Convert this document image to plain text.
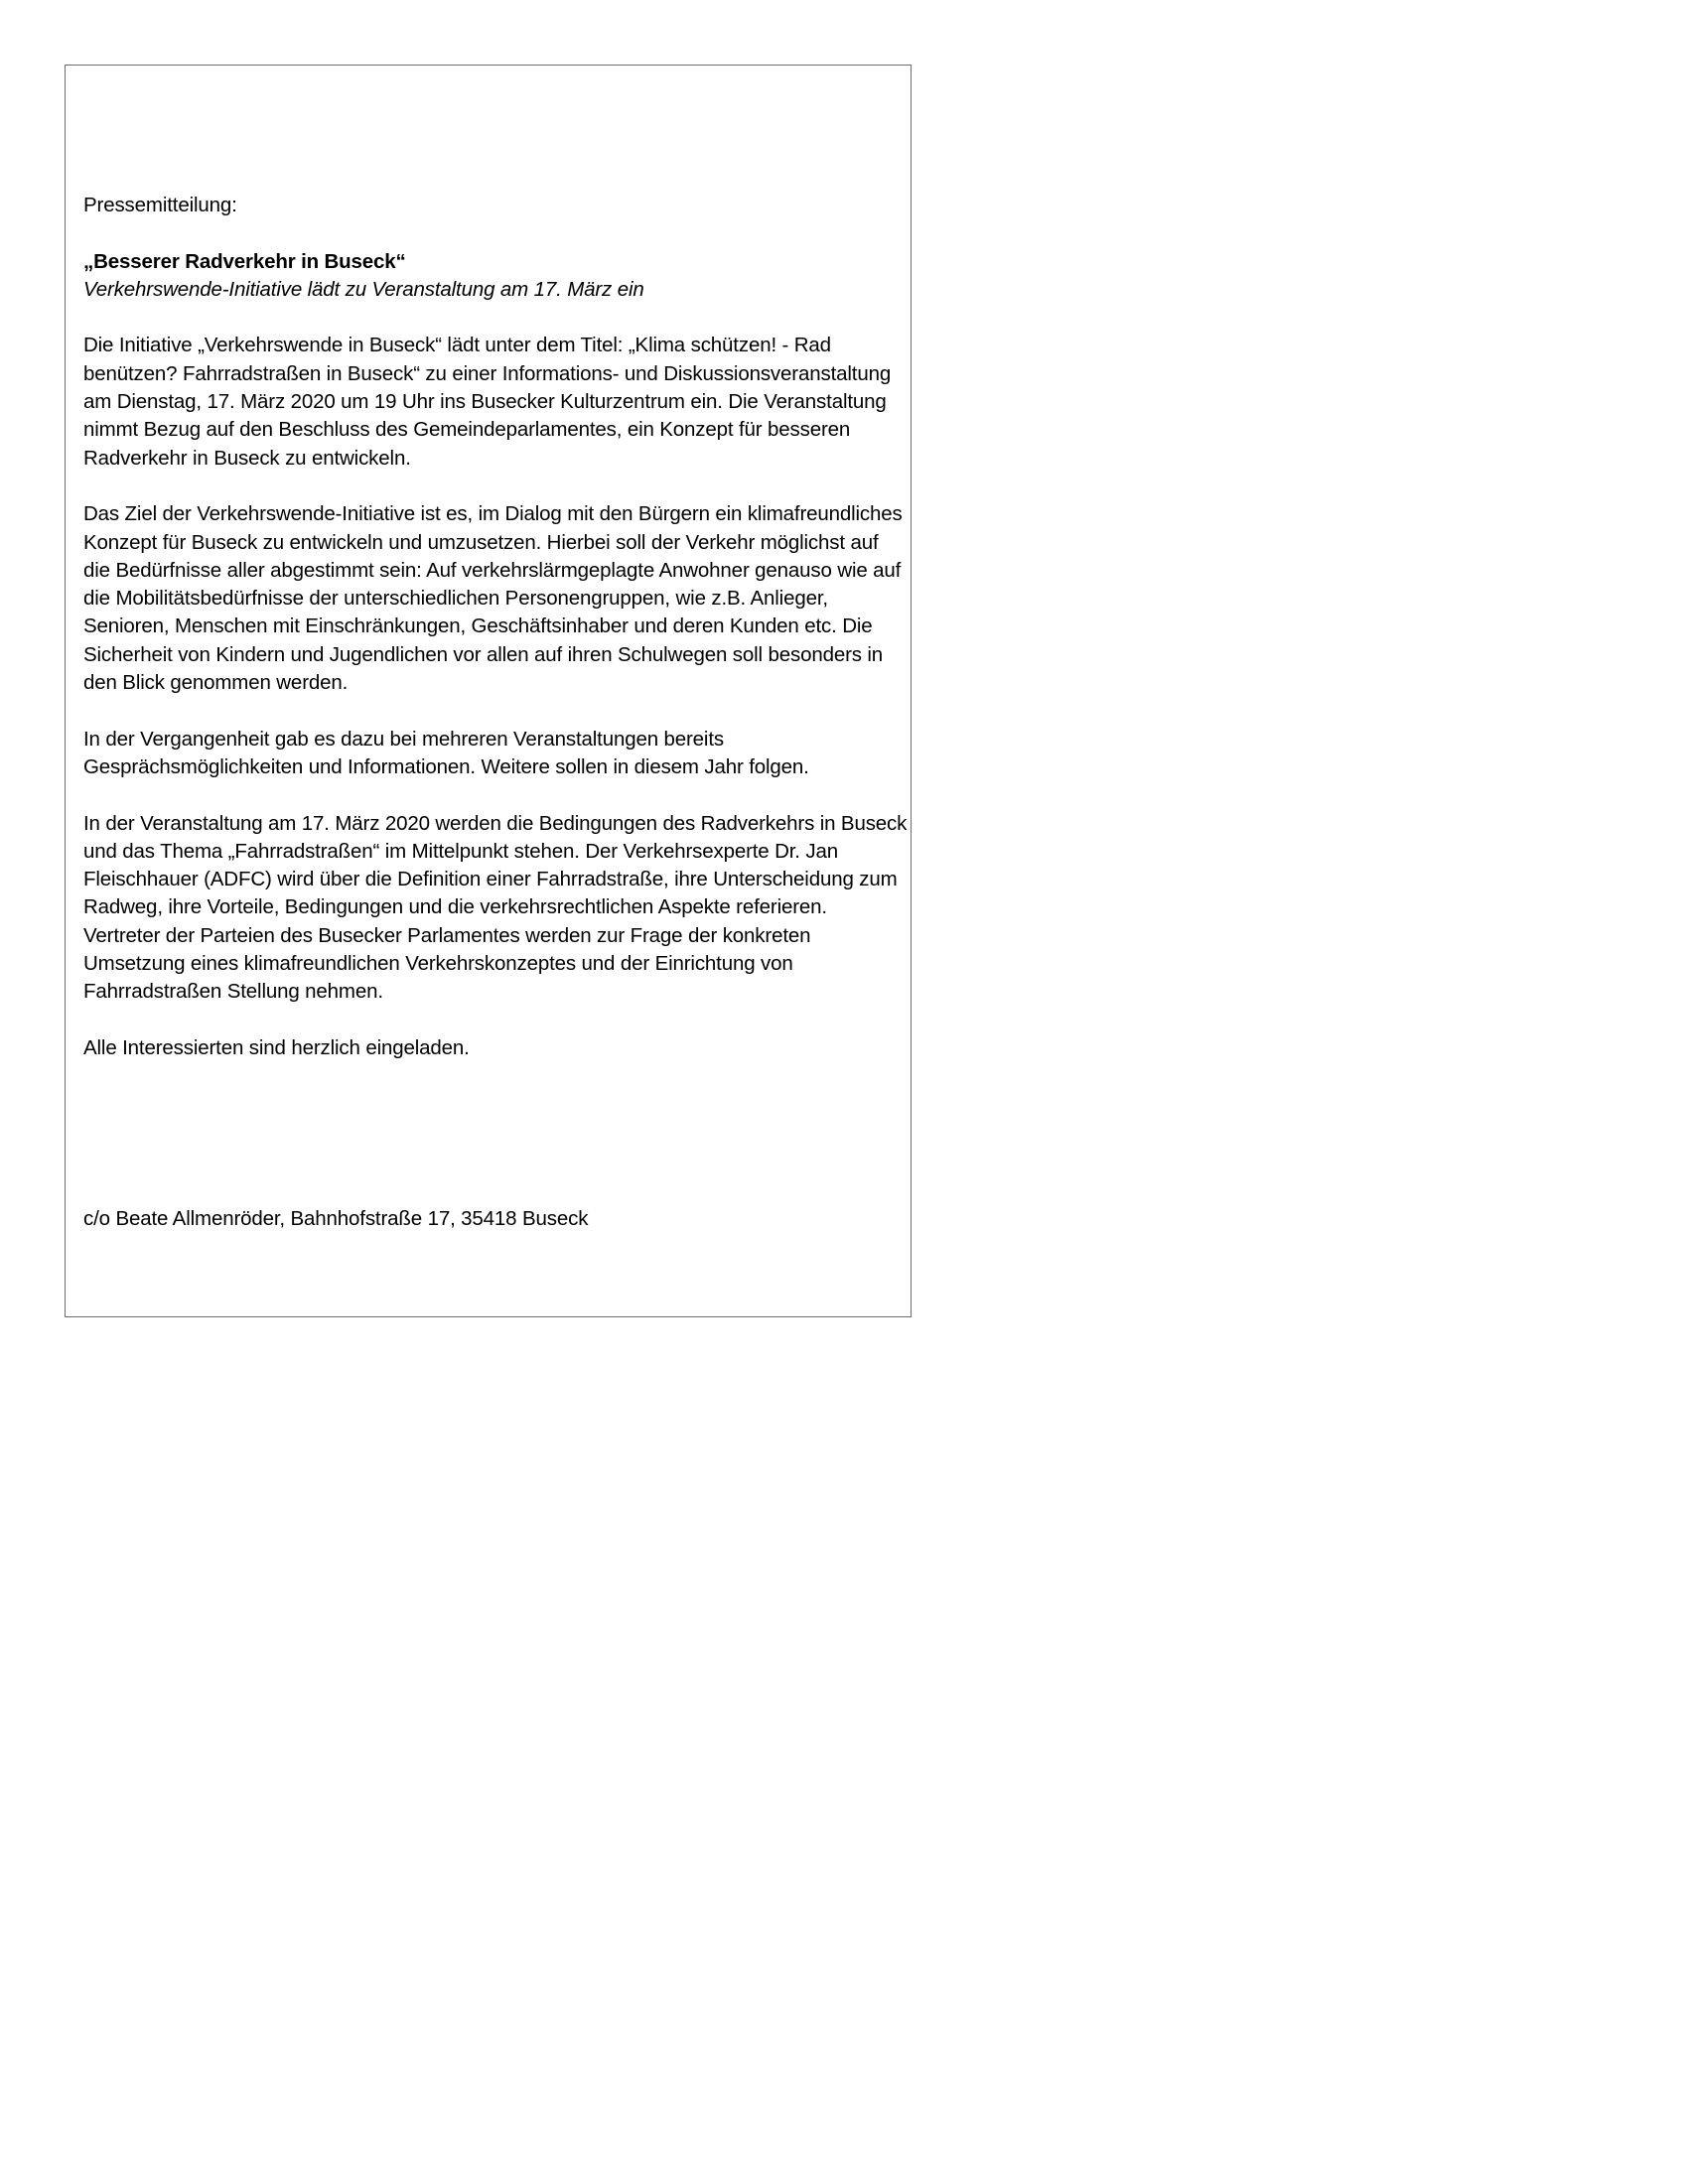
Pressemitteilung:

„Besserer Radverkehr in Buseck“

Verkehrswende-Initiative lädt zu Veranstaltung am 17. März ein

Die Initiative „Verkehrswende in Buseck“ lädt unter dem Titel: „Klima schützen! - Rad benützen? Fahrradstraßen in Buseck“ zu einer Informations- und Diskussionsveranstaltung am Dienstag, 17. März 2020 um 19 Uhr ins Busecker Kulturzentrum ein. Die Veranstaltung nimmt Bezug auf den Beschluss des Gemeindeparlamentes, ein Konzept für besseren Radverkehr in Buseck zu entwickeln.

Das Ziel der Verkehrswende-Initiative ist es, im Dialog mit den Bürgern ein klimafreundliches Konzept für Buseck zu entwickeln und umzusetzen. Hierbei soll der Verkehr möglichst auf die Bedürfnisse aller abgestimmt sein: Auf verkehrslärmgeplagte Anwohner genauso wie auf die Mobilitätsbedürfnisse der unterschiedlichen Personengruppen, wie z.B. Anlieger, Senioren, Menschen mit Einschränkungen, Geschäftsinhaber und deren Kunden etc. Die Sicherheit von Kindern und Jugendlichen vor allen auf ihren Schulwegen soll besonders in den Blick genommen werden.

In der Vergangenheit gab es dazu bei mehreren Veranstaltungen bereits Gesprächsmöglichkeiten und Informationen. Weitere sollen in diesem Jahr folgen.

In der Veranstaltung am 17. März 2020 werden die Bedingungen des Radverkehrs in Buseck und das Thema „Fahrradstraßen“ im Mittelpunkt stehen. Der Verkehrsexperte Dr. Jan Fleischhauer (ADFC) wird über die Definition einer Fahrradstraße, ihre Unterscheidung zum Radweg, ihre Vorteile, Bedingungen und die verkehrsrechtlichen Aspekte referieren. Vertreter der Parteien des Busecker Parlamentes werden zur Frage der konkreten Umsetzung eines klimafreundlichen Verkehrskonzeptes und der Einrichtung von Fahrradstraßen Stellung nehmen.

Alle Interessierten sind herzlich eingeladen.

c/o Beate Allmenröder, Bahnhofstraße 17, 35418 Buseck
